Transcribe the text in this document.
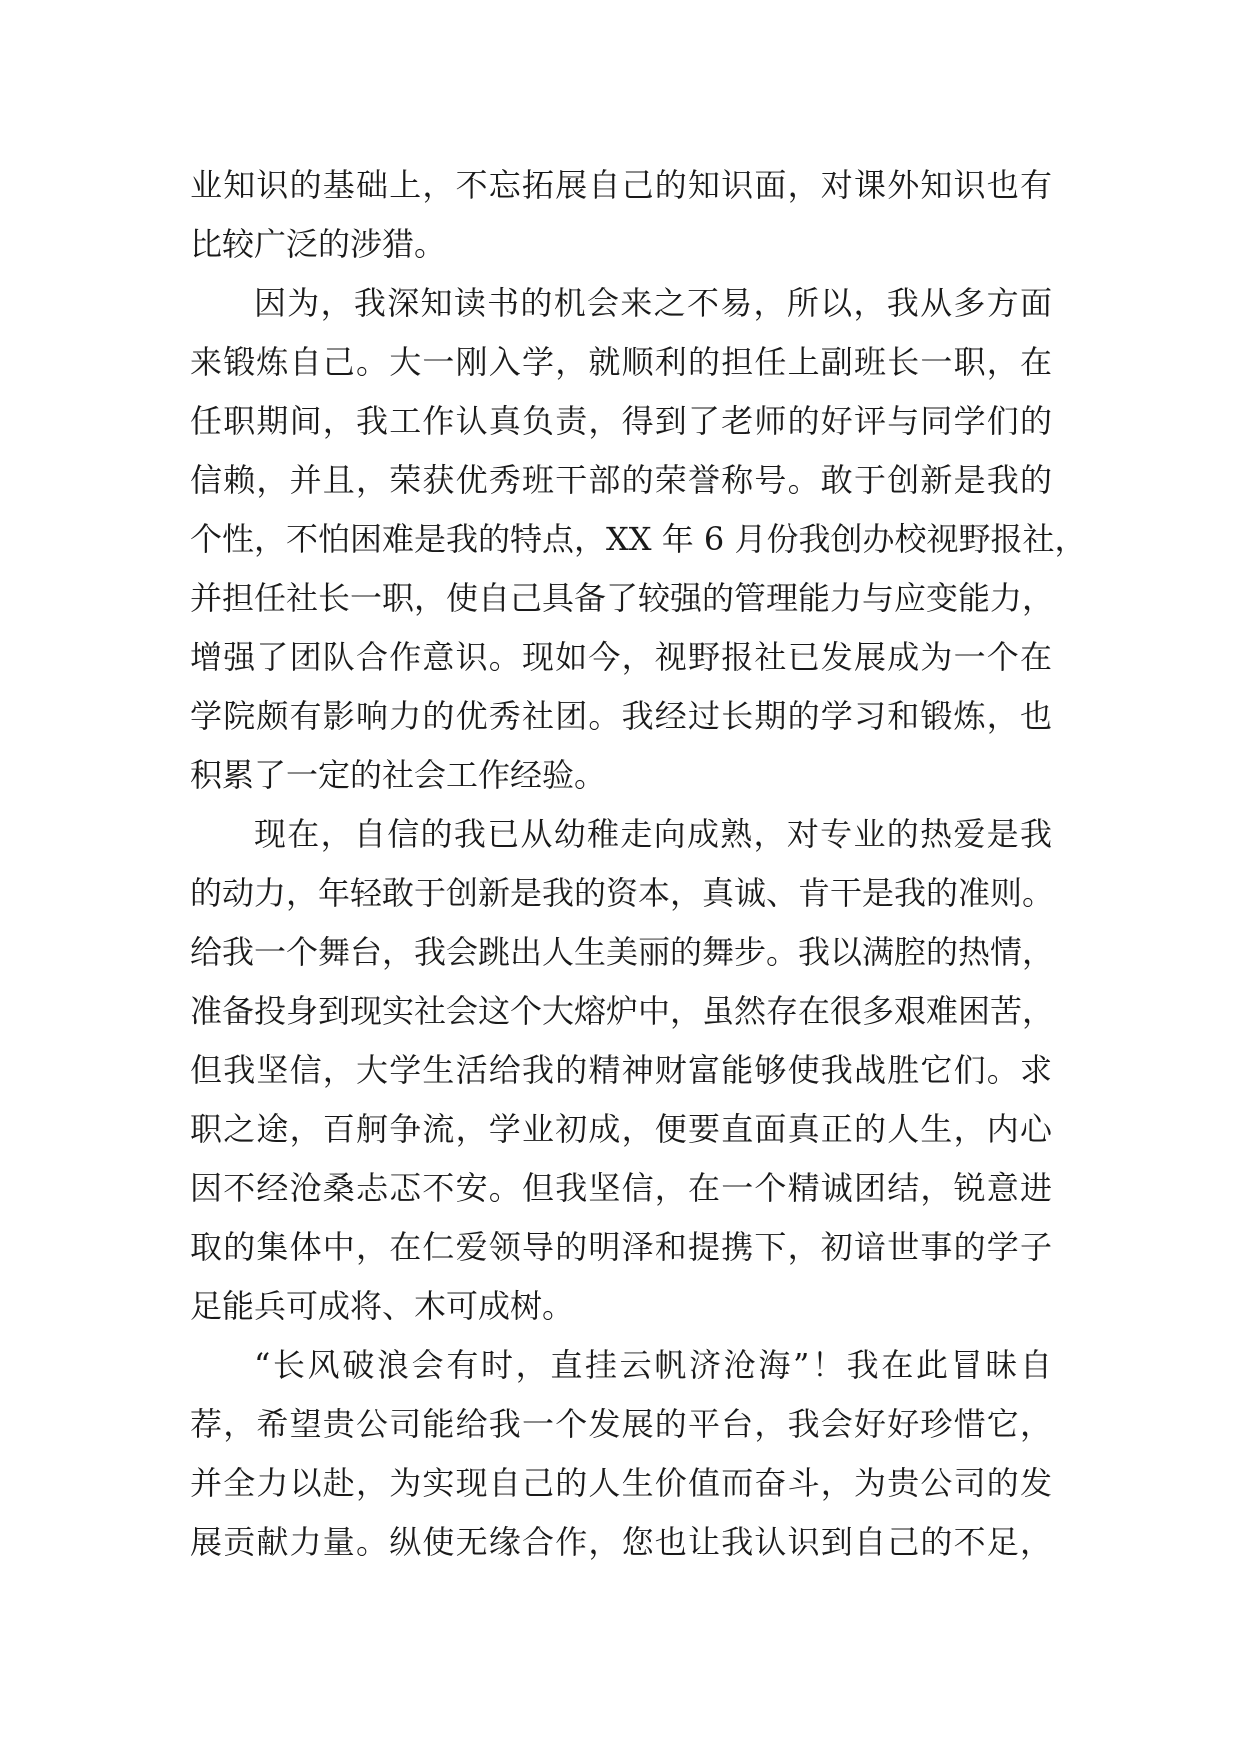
业知识的基础上，不忘拓展自己的知识面，对课外知识也有
比较广泛的涉猎。
因为，我深知读书的机会来之不易，所以，我从多方面
来锻炼自己。大一刚入学，就顺利的担任上副班长一职，在
任职期间，我工作认真负责，得到了老师的好评与同学们的
信赖，并且，荣获优秀班干部的荣誉称号。敢于创新是我的
个性，不怕困难是我的特点，XX 年 6 月份我创办校视野报社，
并担任社长一职，使自己具备了较强的管理能力与应变能力，
增强了团队合作意识。现如今，视野报社已发展成为一个在
学院颇有影响力的优秀社团。我经过长期的学习和锻炼，也
积累了一定的社会工作经验。
现在，自信的我已从幼稚走向成熟，对专业的热爱是我
的动力，年轻敢于创新是我的资本，真诚、肯干是我的准则。
给我一个舞台，我会跳出人生美丽的舞步。我以满腔的热情，
准备投身到现实社会这个大熔炉中，虽然存在很多艰难困苦，
但我坚信，大学生活给我的精神财富能够使我战胜它们。求
职之途，百舸争流，学业初成，便要直面真正的人生，内心
因不经沧桑忐忑不安。但我坚信，在一个精诚团结，锐意进
取的集体中，在仁爱领导的明泽和提携下，初谙世事的学子
足能兵可成将、木可成树。
“长风破浪会有时，直挂云帆济沧海”！我在此冒昧自
荐，希望贵公司能给我一个发展的平台，我会好好珍惜它，
并全力以赴，为实现自己的人生价值而奋斗，为贵公司的发
展贡献力量。纵使无缘合作，您也让我认识到自己的不足，
